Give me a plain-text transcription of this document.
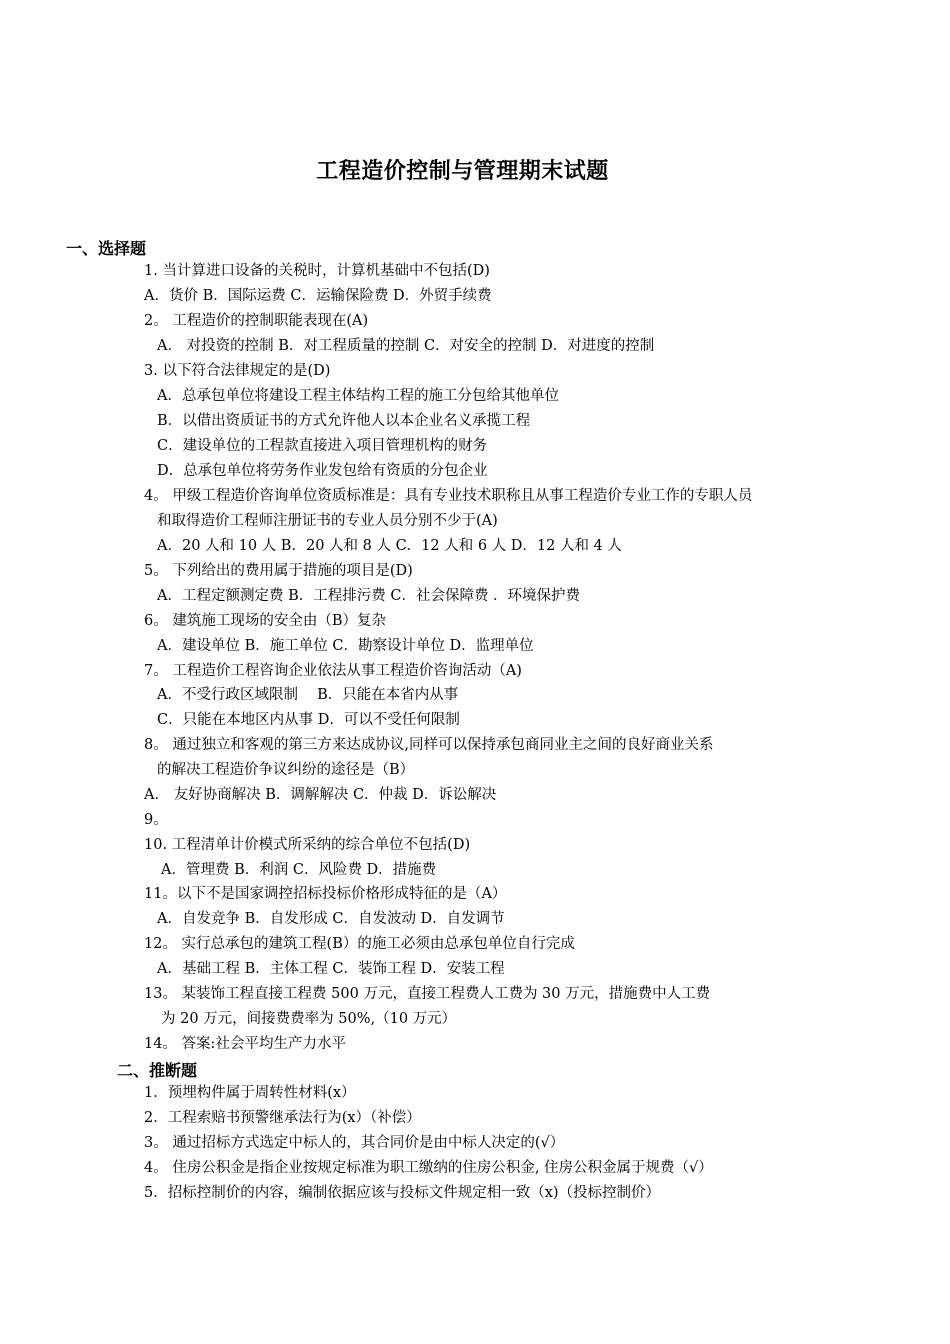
工程造价控制与管理期末试题
一、选择题
1. 当计算进口设备的关税时，计算机基础中不包括(D)
A．货价 B．国际运费 C．运输保险费 D．外贸手续费
2。 工程造价的控制职能表现在(A)
A． 对投资的控制 B．对工程质量的控制 C．对安全的控制 D．对进度的控制
3. 以下符合法律规定的是(D)
A．总承包单位将建设工程主体结构工程的施工分包给其他单位
B．以借出资质证书的方式允许他人以本企业名义承揽工程
C．建设单位的工程款直接进入项目管理机构的财务
D．总承包单位将劳务作业发包给有资质的分包企业
4。 甲级工程造价咨询单位资质标准是：具有专业技术职称且从事工程造价专业工作的专职人员
和取得造价工程师注册证书的专业人员分别不少于(A)
A．20 人和 10 人 B．20 人和 8 人 C．12 人和 6 人 D．12 人和 4 人
5。 下列给出的费用属于措施的项目是(D)
A．工程定额测定费 B．工程排污费 C．社会保障费 ．环境保护费
6。 建筑施工现场的安全由（B）复杂
A．建设单位 B．施工单位 C．勘察设计单位 D．监理单位
7。 工程造价工程咨询企业依法从事工程造价咨询活动（A)
A．不受行政区域限制　 B．只能在本省内从事
C．只能在本地区内从事 D．可以不受任何限制
8。 通过独立和客观的第三方来达成协议,同样可以保持承包商同业主之间的良好商业关系
的解决工程造价争议纠纷的途径是（B）
A． 友好协商解决 B．调解解决 C．仲裁 D．诉讼解决
9。
10. 工程清单计价模式所采纳的综合单位不包括(D)
A．管理费 B．利润 C．风险费 D．措施费
11。以下不是国家调控招标投标价格形成特征的是（A）
A．自发竞争 B．自发形成 C．自发波动 D．自发调节
12。 实行总承包的建筑工程(B）的施工必须由总承包单位自行完成
A．基础工程 B．主体工程 C．装饰工程 D．安装工程
13。 某装饰工程直接工程费 500 万元，直接工程费人工费为 30 万元，措施费中人工费
为 20 万元，间接费费率为 50%,（10 万元）
14。 答案:社会平均生产力水平
二、推断题
1．预埋构件属于周转性材料(x）
2．工程索赔书预警继承法行为(x）（补偿）
3。 通过招标方式选定中标人的，其合同价是由中标人决定的(√）
4。 住房公积金是指企业按规定标准为职工缴纳的住房公积金, 住房公积金属于规费（√）
5．招标控制价的内容，编制依据应该与投标文件规定相一致（x)（投标控制价）
